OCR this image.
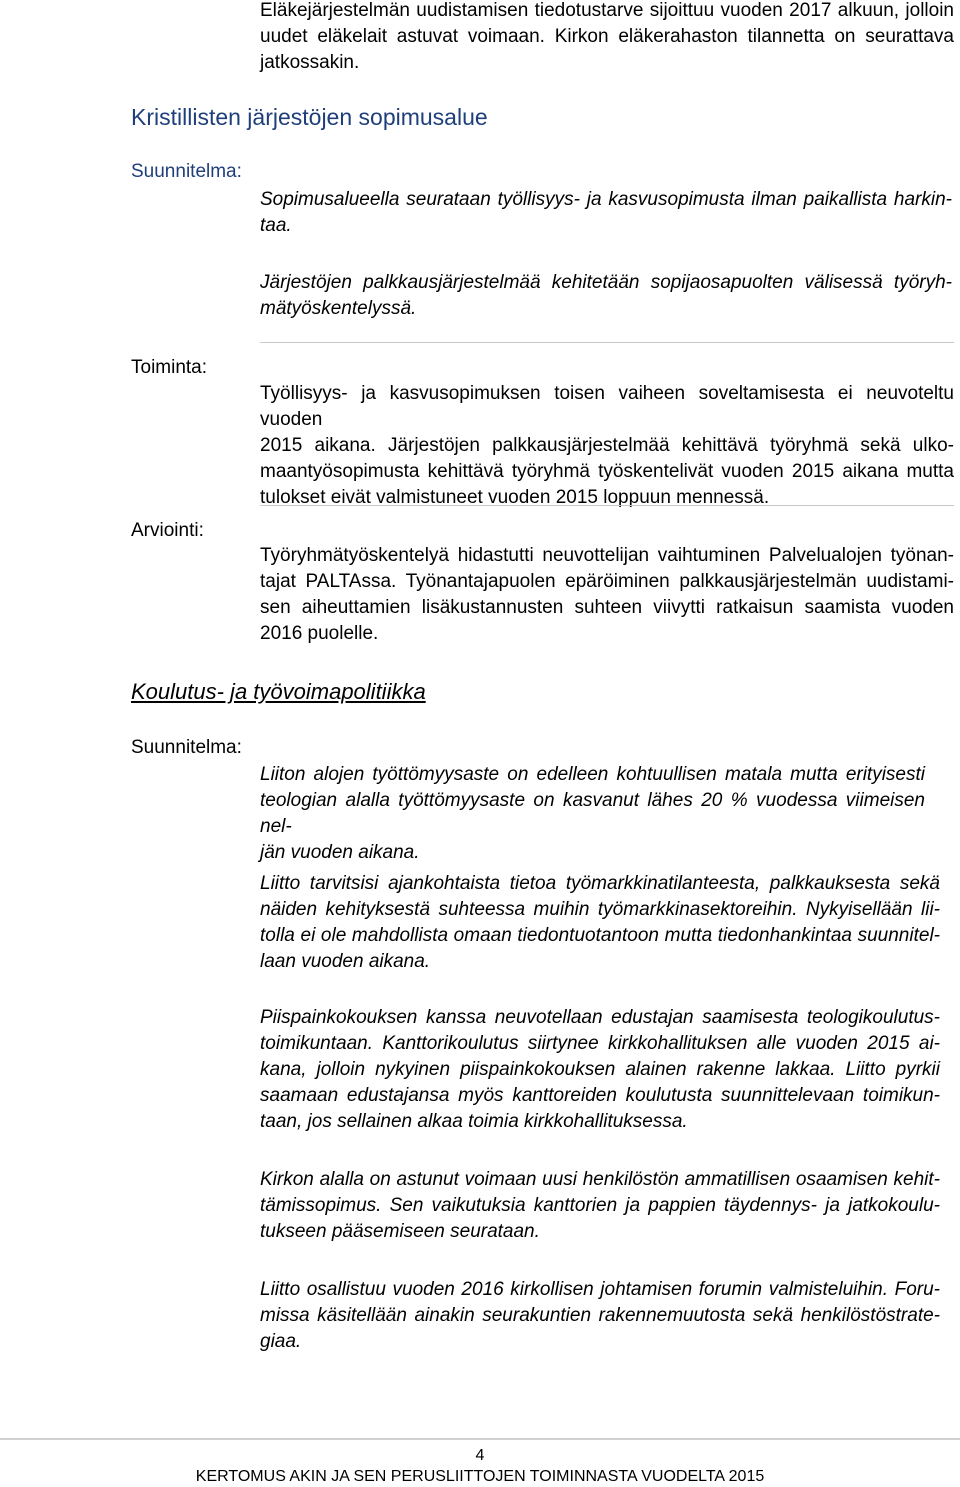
Eläkejärjestelmän uudistamisen tiedotustarve sijoittuu vuoden 2017 alkuun, jolloin
uudet eläkelait astuvat voimaan. Kirkon eläkerahaston tilannetta on seurattava
jatkossakin.
Kristillisten järjestöjen sopimusalue
Suunnitelma:
Sopimusalueella seurataan työllisyys- ja kasvusopimusta ilman paikallista harkin-
taa.
Järjestöjen palkkausjärjestelmää kehitetään sopijaosapuolten välisessä työryh-
mätyöskentelyssä.
Toiminta:
Työllisyys- ja kasvusopimuksen toisen vaiheen soveltamisesta ei neuvoteltu vuoden
2015 aikana. Järjestöjen palkkausjärjestelmää kehittävä työryhmä sekä ulko-
maantyösopimusta kehittävä työryhmä työskentelivät vuoden 2015 aikana mutta
tulokset eivät valmistuneet vuoden 2015 loppuun mennessä.
Arviointi:
Työryhmätyöskentelyä hidastutti neuvottelijan vaihtuminen Palvelualojen työnan-
tajat PALTAssa. Työnantajapuolen epäröiminen palkkausjärjestelmän uudistami-
sen aiheuttamien lisäkustannusten suhteen viivytti ratkaisun saamista vuoden
2016 puolelle.
Koulutus- ja työvoimapolitiikka
Suunnitelma:
Liiton alojen työttömyysaste on edelleen kohtuullisen matala mutta erityisesti
teologian alalla työttömyysaste on kasvanut lähes 20 % vuodessa viimeisen nel-
jän vuoden aikana.
Liitto tarvitsisi ajankohtaista tietoa työmarkkinatilanteesta, palkkauksesta sekä
näiden kehityksestä suhteessa muihin työmarkkinasektoreihin. Nykyisellään lii-
tolla ei ole mahdollista omaan tiedontuotantoon mutta tiedonhankintaa suunnitel-
laan vuoden aikana.
Piispainkokouksen kanssa neuvotellaan edustajan saamisesta teologikoulutus-
toimikuntaan. Kanttorikoulutus siirtynee kirkkohallituksen alle vuoden 2015 ai-
kana, jolloin nykyinen piispainkokouksen alainen rakenne lakkaa. Liitto pyrkii
saamaan edustajansa myös kanttoreiden koulutusta suunnittelevaan toimikun-
taan, jos sellainen alkaa toimia kirkkohallituksessa.
Kirkon alalla on astunut voimaan uusi henkilöstön ammatillisen osaamisen kehit-
tämissopimus. Sen vaikutuksia kanttorien ja pappien täydennys- ja jatkokoulu-
tukseen pääsemiseen seurataan.
Liitto osallistuu vuoden 2016 kirkollisen johtamisen forumin valmisteluihin. Foru-
missa käsitellään ainakin seurakuntien rakennemuutosta sekä henkilöstöstrate-
giaa.
4
KERTOMUS AKIN JA SEN PERUSLIITTOJEN TOIMINNASTA VUODELTA 2015
